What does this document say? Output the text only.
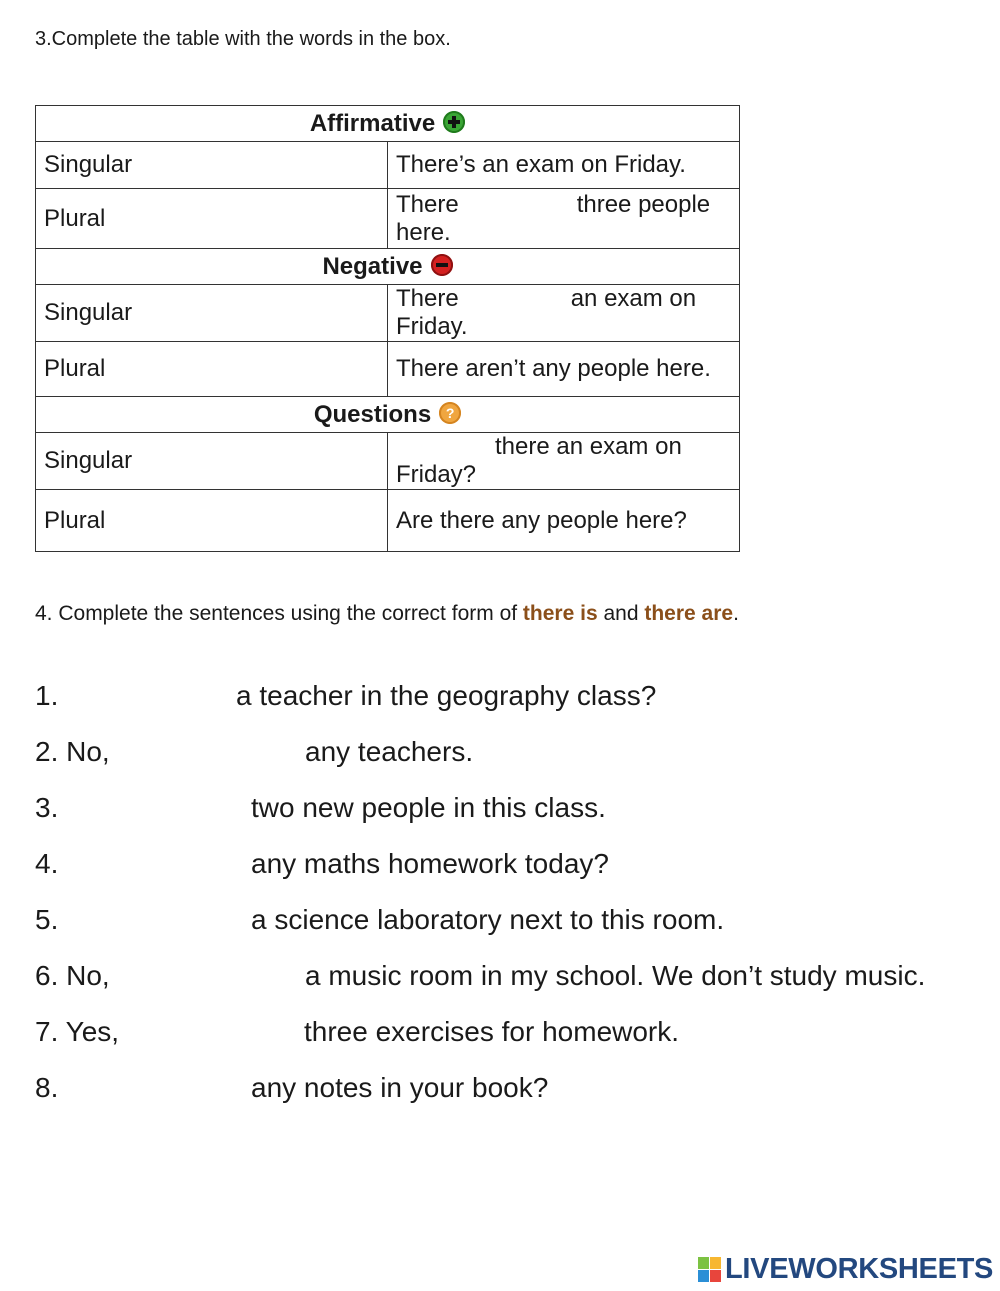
3.Complete the table with the words in the box.
Affirmative	
Singular	There’s an exam on Friday.
Plural	There three people here.
Negative	
Singular	There an exam on Friday.
Plural	There aren’t any people here.
Questions ?	
Singular	there an exam on Friday?
Plural	Are there any people here?
4. Complete the sentences using the correct form of there is and there are.
1.	a teacher in the geography class?
2. No,	any teachers.
3.	two new people in this class.
4.	any maths homework today?
5.	a science laboratory next to this room.
6. No,	a music room in my school. We don’t study music.
7. Yes,	three exercises for homework.
8.	any notes in your book?
LIVEWORKSHEETS
